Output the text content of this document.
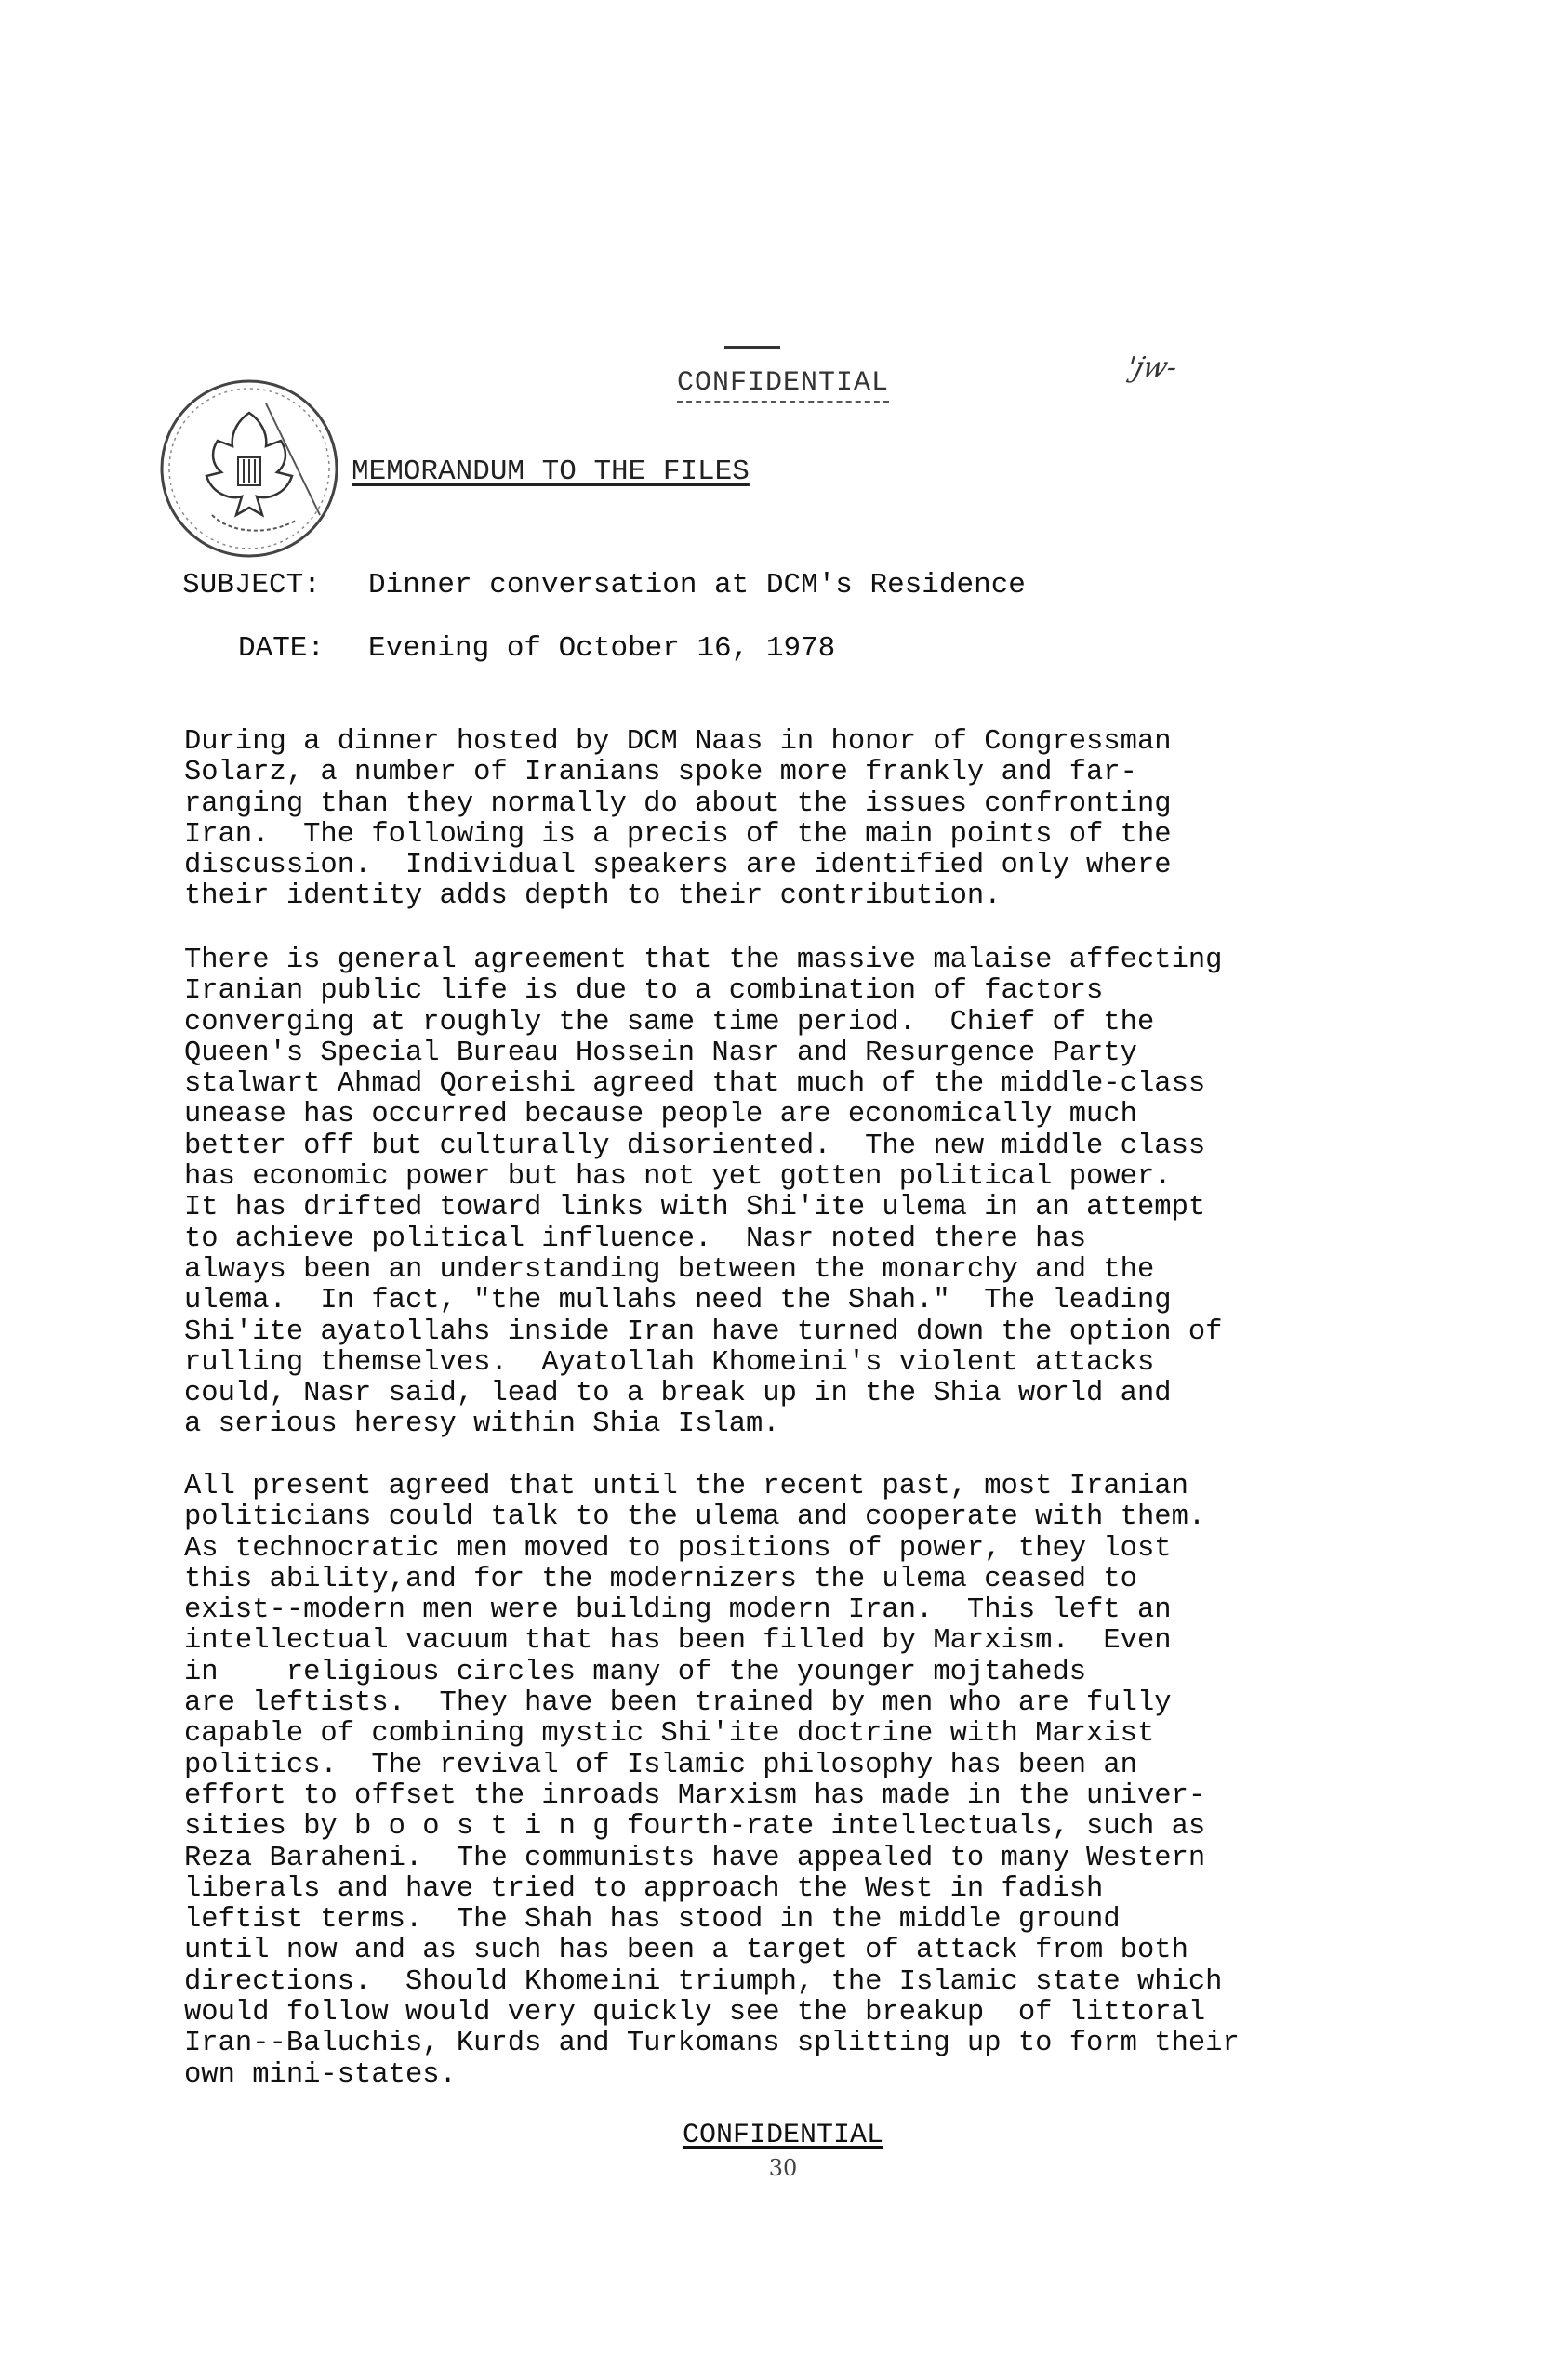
CONFIDENTIAL	'jw-
MEMORANDUM TO THE FILES
SUBJECT: Dinner conversation at DCM's Residence
DATE: Evening of October 16, 1978

During a dinner hosted by DCM Naas in honor of Congressman
Solarz, a number of Iranians spoke more frankly and far-
ranging than they normally do about the issues confronting
Iran.  The following is a precis of the main points of the
discussion.  Individual speakers are identified only where
their identity adds depth to their contribution.

There is general agreement that the massive malaise affecting
Iranian public life is due to a combination of factors
converging at roughly the same time period.  Chief of the
Queen's Special Bureau Hossein Nasr and Resurgence Party
stalwart Ahmad Qoreishi agreed that much of the middle-class
unease has occurred because people are economically much
better off but culturally disoriented.  The new middle class
has economic power but has not yet gotten political power.
It has drifted toward links with Shi'ite ulema in an attempt
to achieve political influence.  Nasr noted there has
always been an understanding between the monarchy and the
ulema.  In fact, "the mullahs need the Shah."  The leading
Shi'ite ayatollahs inside Iran have turned down the option of
rulling themselves.  Ayatollah Khomeini's violent attacks
could, Nasr said, lead to a break up in the Shia world and
a serious heresy within Shia Islam.

All present agreed that until the recent past, most Iranian
politicians could talk to the ulema and cooperate with them.
As technocratic men moved to positions of power, they lost
this ability,and for the modernizers the ulema ceased to
exist--modern men were building modern Iran.  This left an
intellectual vacuum that has been filled by Marxism.  Even
in    religious circles many of the younger mojtaheds
are leftists.  They have been trained by men who are fully
capable of combining mystic Shi'ite doctrine with Marxist
politics.  The revival of Islamic philosophy has been an
effort to offset the inroads Marxism has made in the univer-
sities by b o o s t i n g fourth-rate intellectuals, such as
Reza Baraheni.  The communists have appealed to many Western
liberals and have tried to approach the West in fadish
leftist terms.  The Shah has stood in the middle ground
until now and as such has been a target of attack from both
directions.  Should Khomeini triumph, the Islamic state which
would follow would very quickly see the breakup  of littoral
Iran--Baluchis, Kurds and Turkomans splitting up to form their
own mini-states.

CONFIDENTIAL
30
